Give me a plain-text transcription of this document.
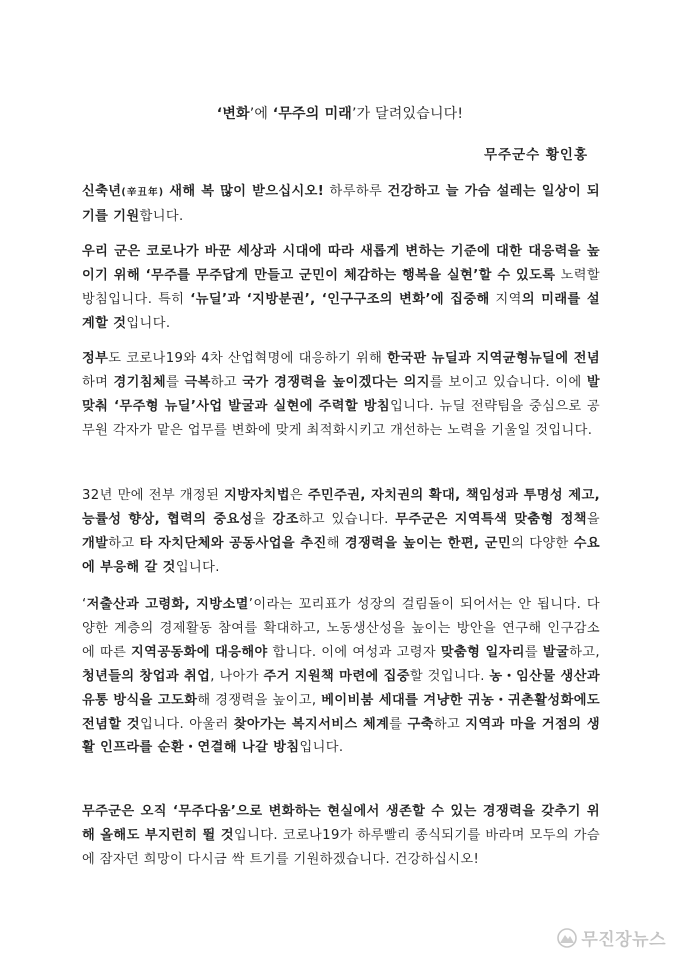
‘변화’에 ‘무주의 미래’가 달려있습니다!
무주군수 황인홍

신축년(辛丑年) 새해 복 많이 받으십시오! 하루하루 건강하고 늘 가슴 설레는 일상이 되기를 기원합니다.

우리 군은 코로나가 바꾼 세상과 시대에 따라 새롭게 변하는 기준에 대한 대응력을 높이기 위해 ‘무주를 무주답게 만들고 군민이 체감하는 행복을 실현’할 수 있도록 노력할 방침입니다. 특히 ‘뉴딜’과 ‘지방분권’, ‘인구구조의 변화’에 집중해 지역의 미래를 설계할 것입니다.

정부도 코로나19와 4차 산업혁명에 대응하기 위해 한국판 뉴딜과 지역균형뉴딜에 전념하며 경기침체를 극복하고 국가 경쟁력을 높이겠다는 의지를 보이고 있습니다. 이에 발 맞춰 ‘무주형 뉴딜’사업 발굴과 실현에 주력할 방침입니다. 뉴딜 전략팀을 중심으로 공무원 각자가 맡은 업무를 변화에 맞게 최적화시키고 개선하는 노력을 기울일 것입니다.

32년 만에 전부 개정된 지방자치법은 주민주권, 자치권의 확대, 책임성과 투명성 제고, 능률성 향상, 협력의 중요성을 강조하고 있습니다. 무주군은 지역특색 맞춤형 정책을 개발하고 타 자치단체와 공동사업을 추진해 경쟁력을 높이는 한편, 군민의 다양한 수요에 부응해 갈 것입니다.

‘저출산과 고령화, 지방소멸’이라는 꼬리표가 성장의 걸림돌이 되어서는 안 됩니다. 다양한 계층의 경제활동 참여를 확대하고, 노동생산성을 높이는 방안을 연구해 인구감소에 따른 지역공동화에 대응해야 합니다. 이에 여성과 고령자 맞춤형 일자리를 발굴하고, 청년들의 창업과 취업, 나아가 주거 지원책 마련에 집중할 것입니다. 농・임산물 생산과 유통 방식을 고도화해 경쟁력을 높이고, 베이비붐 세대를 겨냥한 귀농・귀촌활성화에도 전념할 것입니다. 아울러 찾아가는 복지서비스 체계를 구축하고 지역과 마을 거점의 생활 인프라를 순환・연결해 나갈 방침입니다.

무주군은 오직 ‘무주다움’으로 변화하는 현실에서 생존할 수 있는 경쟁력을 갖추기 위해 올해도 부지런히 뛸 것입니다. 코로나19가 하루빨리 종식되기를 바라며 모두의 가슴에 잠자던 희망이 다시금 싹 트기를 기원하겠습니다. 건강하십시오!

무진장뉴스
